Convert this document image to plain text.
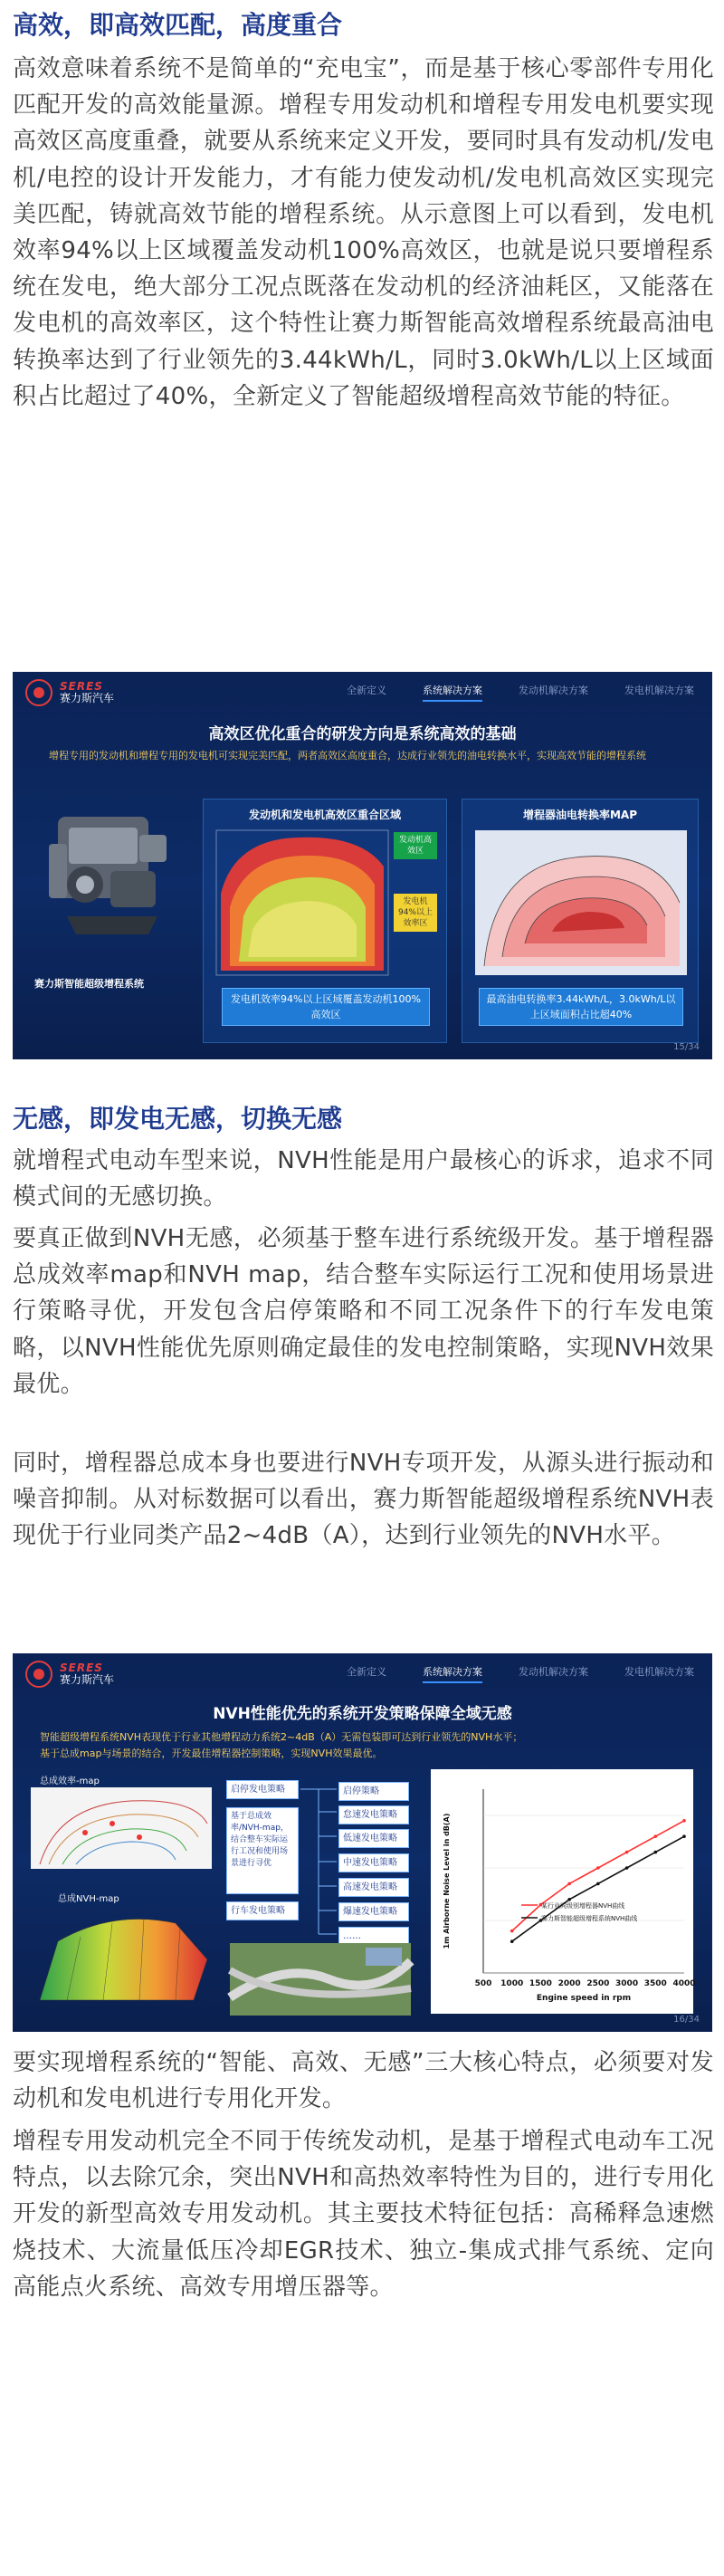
高效，即高效匹配，高度重合
高效意味着系统不是简单的“充电宝”，而是基于核心零部件专用化匹配开发的高效能量源。增程专用发动机和增程专用发电机要实现高效区高度重叠，就要从系统来定义开发，要同时具有发动机/发电机/电控的设计开发能力，才有能力使发动机/发电机高效区实现完美匹配，铸就高效节能的增程系统。从示意图上可以看到，发电机效率94%以上区域覆盖发动机100%高效区，也就是说只要增程系统在发电，绝大部分工况点既落在发动机的经济油耗区，又能落在发电机的高效率区，这个特性让赛力斯智能高效增程系统最高油电转换率达到了行业领先的3.44kWh/L，同时3.0kWh/L以上区域面积占比超过了40%，全新定义了智能超级增程高效节能的特征。
SERES
赛力斯汽车
全新定义	系统解决方案	发动机解决方案	发电机解决方案
高效区优化重合的研发方向是系统高效的基础
增程专用的发动机和增程专用的发电机可实现完美匹配，两者高效区高度重合，达成行业领先的油电转换水平，实现高效节能的增程系统
赛力斯智能超级增程系统
发动机和发电机高效区重合区域
发动机高效区
发电机94%以上效率区
发电机效率94%以上区域覆盖发动机100%高效区
增程器油电转换率MAP
最高油电转换率3.44kWh/L，3.0kWh/L以上区域面积占比超40%
15/34
无感，即发电无感，切换无感
就增程式电动车型来说，NVH性能是用户最核心的诉求，追求不同模式间的无感切换。
要真正做到NVH无感，必须基于整车进行系统级开发。基于增程器总成效率map和NVH map，结合整车实际运行工况和使用场景进行策略寻优，开发包含启停策略和不同工况条件下的行车发电策略，以NVH性能优先原则确定最佳的发电控制策略，实现NVH效果最优。
同时，增程器总成本身也要进行NVH专项开发，从源头进行振动和噪音抑制。从对标数据可以看出，赛力斯智能超级增程系统NVH表现优于行业同类产品2~4dB（A），达到行业领先的NVH水平。
SERES
赛力斯汽车
全新定义	系统解决方案	发动机解决方案	发电机解决方案
NVH性能优先的系统开发策略保障全域无感
智能超级增程系统NVH表现优于行业其他增程动力系统2~4dB（A）无需包装即可达到行业领先的NVH水平；
基于总成map与场景的结合，开发最佳增程器控制策略，实现NVH效果最优。
总成效率-map
总成NVH-map
启停发电策略
基于总成效率/NVH-map，结合整车实际运行工况和使用场景进行寻优
行车发电策略
启停策略
怠速发电策略
低速发电策略
中速发电策略
高速发电策略
爆速发电策略
……
500 1000 1500 2000 2500 3000 3500 4000
Engine speed in rpm
1m Airborne Noise Level in dB(A)	某行业同级别增程器NVH曲线
赛力斯智能超级增程系统NVH曲线
16/34
要实现增程系统的“智能、高效、无感”三大核心特点，必须要对发动机和发电机进行专用化开发。
增程专用发动机完全不同于传统发动机，是基于增程式电动车工况特点，以去除冗余，突出NVH和高热效率特性为目的，进行专用化开发的新型高效专用发动机。其主要技术特征包括：高稀释急速燃烧技术、大流量低压冷却EGR技术、独立-集成式排气系统、定向高能点火系统、高效专用增压器等。
